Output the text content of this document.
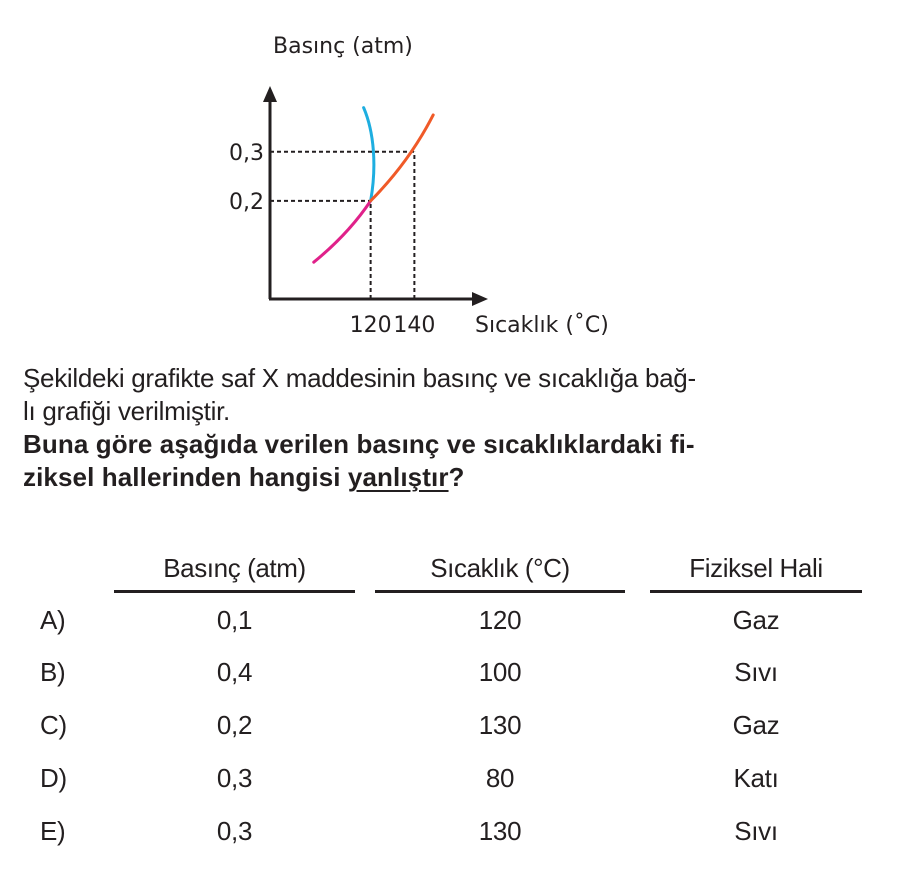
Basınç (atm)
0,3
0,2
120 140 Sıcaklık (˚C)
Şekildeki grafikte saf X maddesinin basınç ve sıcaklığa bağ-
lı grafiği verilmiştir.
Buna göre aşağıda verilen basınç ve sıcaklıklardaki fi-
ziksel hallerinden hangisi yanlıştır?
Basınç (atm)	Sıcaklık (°C)	Fiziksel Hali
A)	0,1	120	Gaz
B)	0,4	100	Sıvı
C)	0,2	130	Gaz
D)	0,3	80	Katı
E)	0,3	130	Sıvı
